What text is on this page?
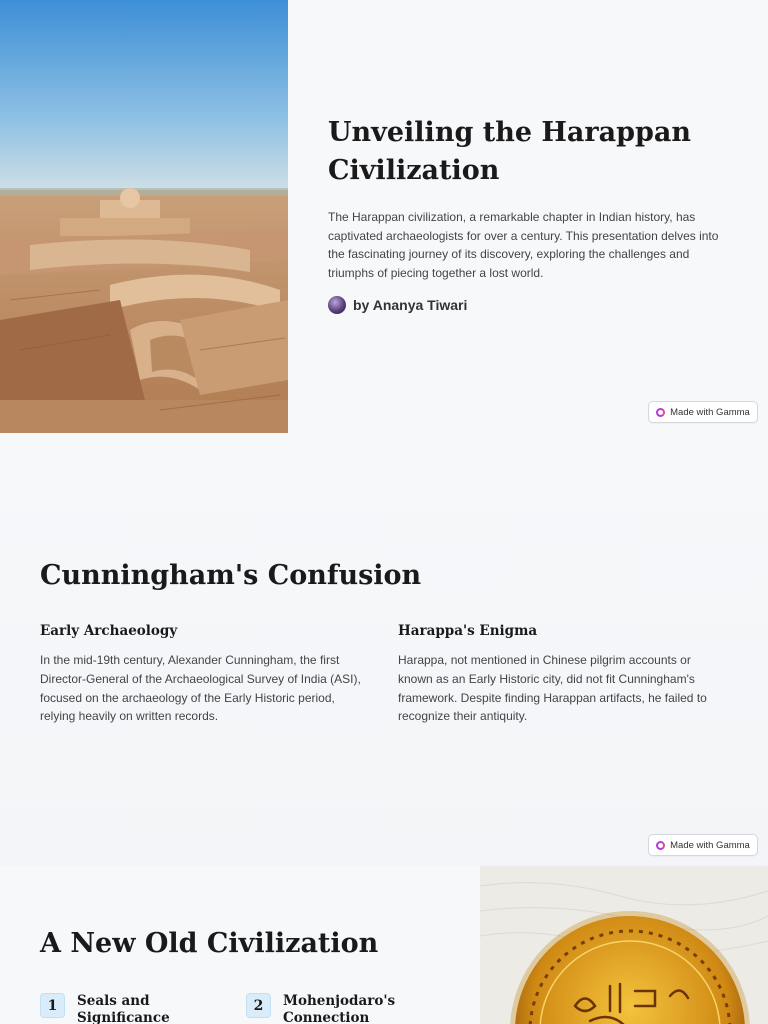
Unveiling the Harappan Civilization

The Harappan civilization, a remarkable chapter in Indian history, has captivated archaeologists for over a century. This presentation delves into the fascinating journey of its discovery, exploring the challenges and triumphs of piecing together a lost world.

by Ananya Tiwari
Made with Gamma
Cunningham's Confusion
Early Archaeology

In the mid-19th century, Alexander Cunningham, the first Director-General of the Archaeological Survey of India (ASI), focused on the archaeology of the Early Historic period, relying heavily on written records.

Harappa's Enigma

Harappa, not mentioned in Chinese pilgrim accounts or known as an Early Historic city, did not fit Cunningham's framework. Despite finding Harappan artifacts, he failed to recognize their antiquity.

Made with Gamma
A New Old Civilization
1	Seals and Significance
2	Mohenjodaro's Connection
